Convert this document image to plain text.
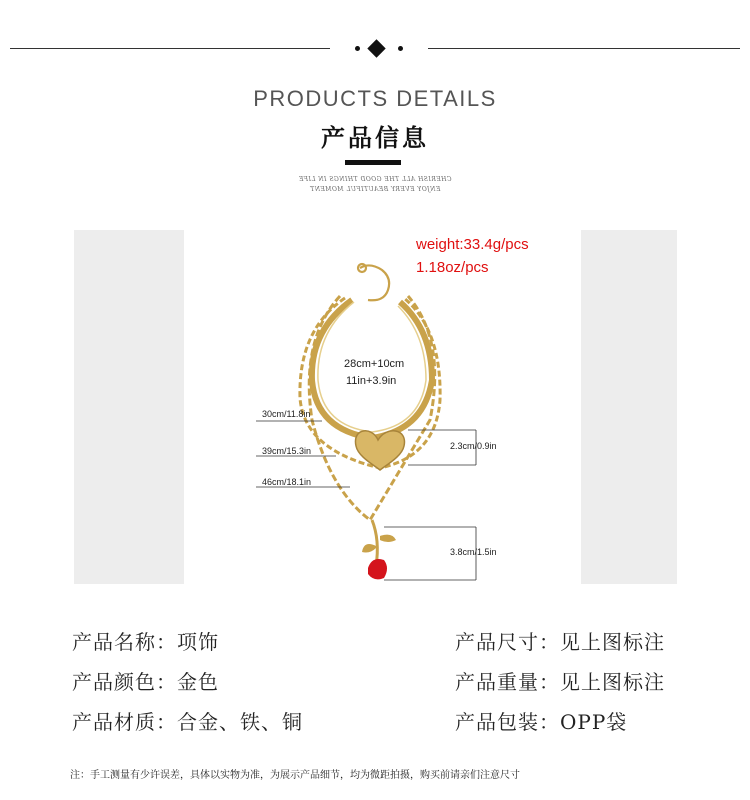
PRODUCTS DETAILS
产品信息
CHERISH ALL THE GOOD THINGS IN LIFE
ENJOY EVERY BEAUTIFUL MOMENT
weight:33.4g/pcs
1.18oz/pcs
28cm+10cm
11in+3.9in
30cm/11.8in
39cm/15.3in
46cm/18.1in
2.3cm/0.9in
3.8cm/1.5in
产品名称：项饰
产品颜色：金色
产品材质：合金、铁、铜
产品尺寸：见上图标注
产品重量：见上图标注
产品包装：OPP袋
注：手工测量有少许误差，具体以实物为准，为展示产品细节，均为微距拍摄，购买前请亲们注意尺寸
